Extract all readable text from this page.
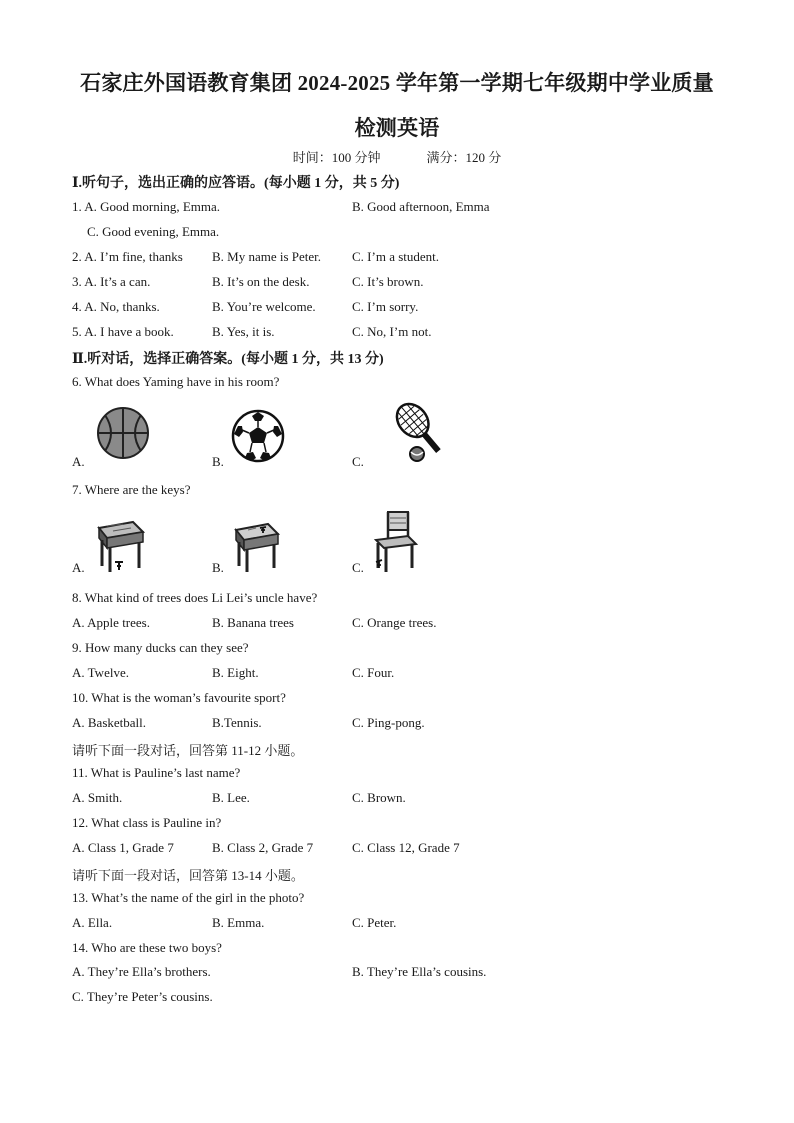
石家庄外国语教育集团 2024-2025 学年第一学期七年级期中学业质量
检测英语
时间：100 分钟	满分：120 分
Ⅰ.听句子，选出正确的应答语。(每小题 1 分，共 5 分)
1. A. Good morning, Emma.	B. Good afternoon, Emma
C. Good evening, Emma.
2. A. I’m fine, thanks B. My name is Peter. C. I’m a student.
3. A. It’s a can.	B. It’s on the desk.	C. It’s brown.
4. A. No, thanks.	B. You’re welcome.	C. I’m sorry.
5. A. I have a book.	B. Yes, it is.	C. No, I’m not.
Ⅱ.听对话，选择正确答案。(每小题 1 分，共 13 分)
6. What does Yaming have in his room?
A.	B.	C.
7. Where are the keys?
A.	B.	C.
8. What kind of trees does Li Lei’s uncle have?
A. Apple trees.	B. Banana trees	C. Orange trees.
9. How many ducks can they see?
A. Twelve.	B. Eight.	C. Four.
10. What is the woman’s favourite sport?
A. Basketball.	B.Tennis.	C. Ping-pong.
请听下面一段对话，回答第 11-12 小题。
11. What is Pauline’s last name?
A. Smith.	B. Lee.	C. Brown.
12. What class is Pauline in?
A. Class 1, Grade 7	B. Class 2, Grade 7	C. Class 12, Grade 7
请听下面一段对话，回答第 13-14 小题。
13. What’s the name of the girl in the photo?
A. Ella.	B. Emma.	C. Peter.
14. Who are these two boys?
A. They’re Ella’s brothers.	B. They’re Ella’s cousins.
C. They’re Peter’s cousins.
